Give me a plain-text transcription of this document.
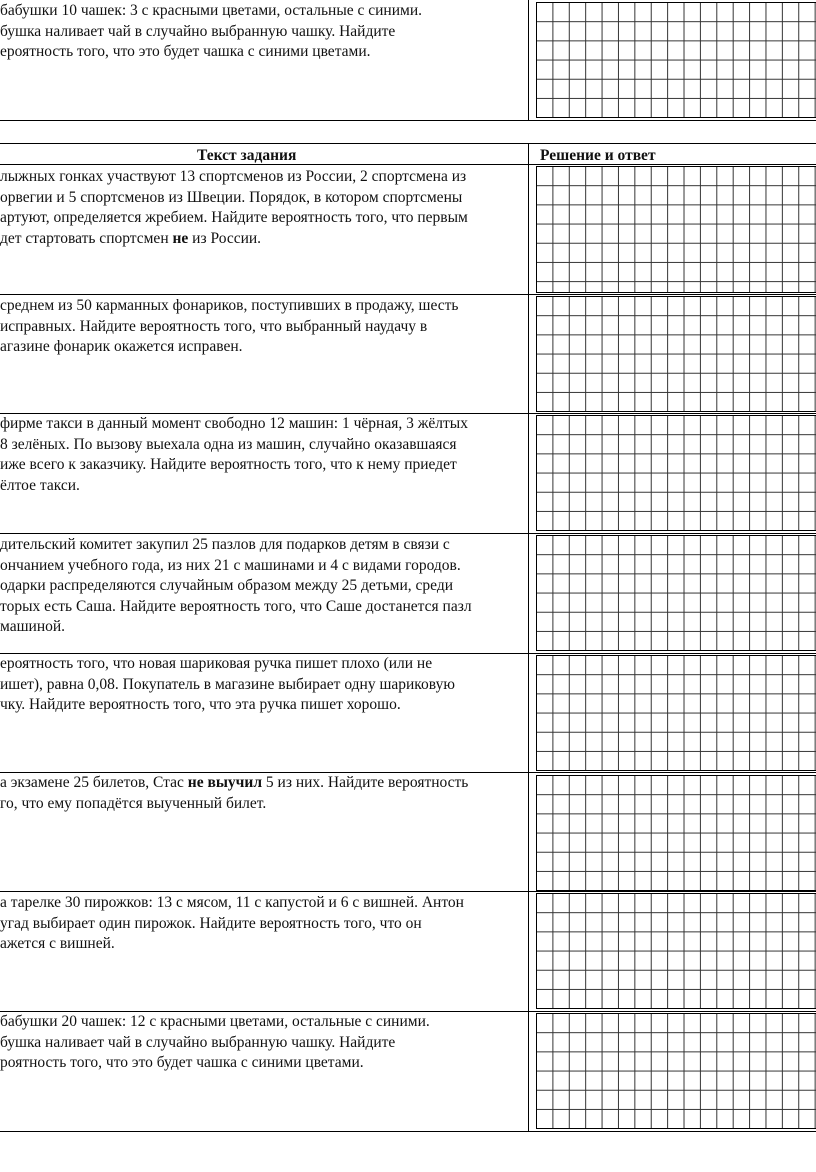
бабушки 10 чашек: 3 с красными цветами, остальные с синими.
бушка наливает чай в случайно выбранную чашку. Найдите
ероятность того, что это будет чашка с синими цветами.

Текст задания	Решение и ответ

лыжных гонках участвуют 13 спортсменов из России, 2 спортсмена из
орвегии и 5 спортсменов из Швеции. Порядок, в котором спортсмены
артуют, определяется жребием. Найдите вероятность того, что первым
дет стартовать спортсмен не из России.

среднем из 50 карманных фонариков, поступивших в продажу, шесть
исправных. Найдите вероятность того, что выбранный наудачу в
агазине фонарик окажется исправен.

фирме такси в данный момент свободно 12 машин: 1 чёрная, 3 жёлтых
8 зелёных. По вызову выехала одна из машин, случайно оказавшаяся
иже всего к заказчику. Найдите вероятность того, что к нему приедет
ёлтое такси.

дительский комитет закупил 25 пазлов для подарков детям в связи с
ончанием учебного года, из них 21 с машинами и 4 с видами городов.
одарки распределяются случайным образом между 25 детьми, среди
торых есть Саша. Найдите вероятность того, что Саше достанется пазл
машиной.

ероятность того, что новая шариковая ручка пишет плохо (или не
ишет), равна 0,08. Покупатель в магазине выбирает одну шариковую
чку. Найдите вероятность того, что эта ручка пишет хорошо.

а экзамене 25 билетов, Стас не выучил 5 из них. Найдите вероятность
го, что ему попадётся выученный билет.

а тарелке 30 пирожков: 13 с мясом, 11 с капустой и 6 с вишней. Антон
угад выбирает один пирожок. Найдите вероятность того, что он
ажется с вишней.

бабушки 20 чашек: 12 с красными цветами, остальные с синими.
бушка наливает чай в случайно выбранную чашку. Найдите
роятность того, что это будет чашка с синими цветами.
